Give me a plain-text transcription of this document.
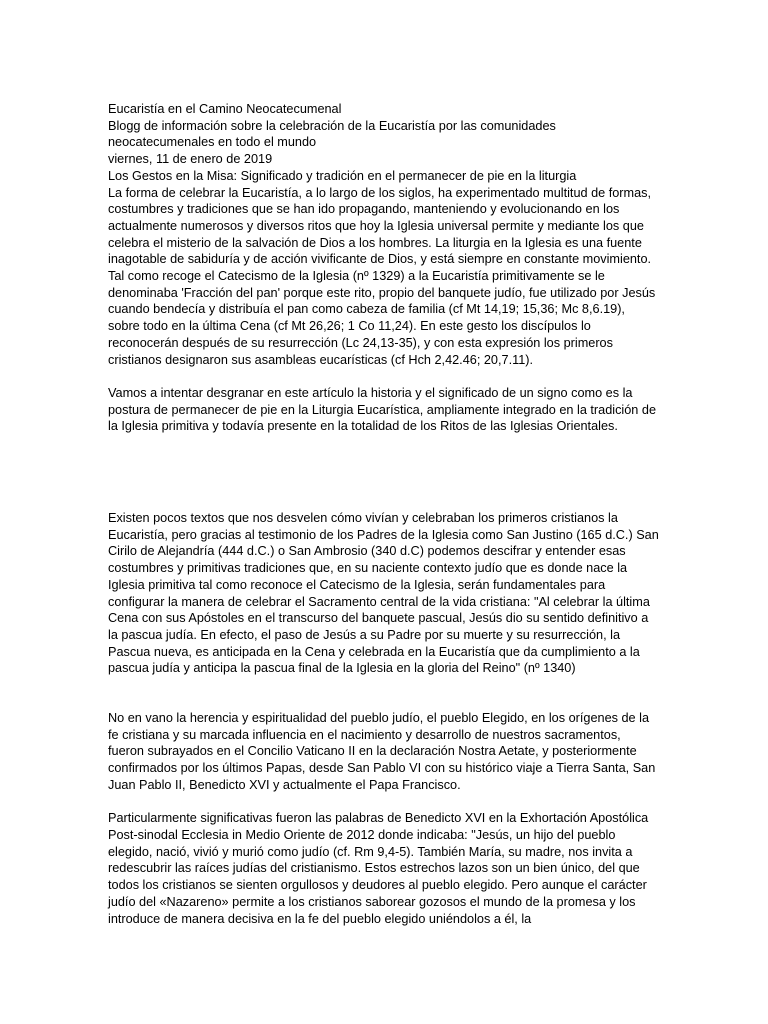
Eucaristía en el Camino Neocatecumenal

Blogg de información sobre la celebración de la Eucaristía por las comunidades neocatecumenales en todo el mundo

viernes, 11 de enero de 2019

Los Gestos en la Misa: Significado y tradición en el permanecer de pie en la liturgia

La forma de celebrar la Eucaristía, a lo largo de los siglos, ha experimentado multitud de formas, costumbres y tradiciones que se han ido propagando, manteniendo y evolucionando en los actualmente numerosos y diversos ritos que hoy la Iglesia universal permite y mediante los que celebra el misterio de la salvación de Dios a los hombres. La liturgia en la Iglesia es una fuente inagotable de sabiduría y de acción vivificante de Dios, y está siempre en constante movimiento. Tal como recoge el Catecismo de la Iglesia (nº 1329) a la Eucaristía primitivamente se le denominaba 'Fracción del pan' porque este rito, propio del banquete judío, fue utilizado por Jesús cuando bendecía y distribuía el pan como cabeza de familia (cf Mt 14,19; 15,36; Mc 8,6.19), sobre todo en la última Cena (cf Mt 26,26; 1 Co 11,24). En este gesto los discípulos lo reconocerán después de su resurrección (Lc 24,13-35), y con esta expresión los primeros cristianos designaron sus asambleas eucarísticas (cf Hch 2,42.46; 20,7.11).

Vamos a intentar desgranar en este artículo la historia y el significado de un signo como es la postura de permanecer de pie en la Liturgia Eucarística, ampliamente integrado en la tradición de la Iglesia primitiva y todavía presente en la totalidad de los Ritos de las Iglesias Orientales.

Existen pocos textos que nos desvelen cómo vivían y celebraban los primeros cristianos la Eucaristía, pero gracias al testimonio de los Padres de la Iglesia como San Justino (165 d.C.) San Cirilo de Alejandría (444 d.C.) o San Ambrosio (340 d.C) podemos descifrar y entender esas costumbres y primitivas tradiciones que, en su naciente contexto judío que es donde nace la Iglesia primitiva tal como reconoce el Catecismo de la Iglesia, serán fundamentales para configurar la manera de celebrar el Sacramento central de la vida cristiana: "Al celebrar la última Cena con sus Apóstoles en el transcurso del banquete pascual, Jesús dio su sentido definitivo a la pascua judía. En efecto, el paso de Jesús a su Padre por su muerte y su resurrección, la Pascua nueva, es anticipada en la Cena y celebrada en la Eucaristía que da cumplimiento a la pascua judía y anticipa la pascua final de la Iglesia en la gloria del Reino" (nº 1340)

No en vano la herencia y espiritualidad del pueblo judío, el pueblo Elegido, en los orígenes de la fe cristiana y su marcada influencia en el nacimiento y desarrollo de nuestros sacramentos, fueron subrayados en el Concilio Vaticano II en la declaración Nostra Aetate, y posteriormente confirmados por los últimos Papas, desde San Pablo VI con su histórico viaje a Tierra Santa, San Juan Pablo II, Benedicto XVI y actualmente el Papa Francisco.

Particularmente significativas fueron las palabras de Benedicto XVI en la Exhortación Apostólica Post-sinodal Ecclesia in Medio Oriente de 2012 donde indicaba: "Jesús, un hijo del pueblo elegido, nació, vivió y murió como judío (cf. Rm 9,4-5). También María, su madre, nos invita a redescubrir las raíces judías del cristianismo. Estos estrechos lazos son un bien único, del que todos los cristianos se sienten orgullosos y deudores al pueblo elegido. Pero aunque el carácter judío del «Nazareno» permite a los cristianos saborear gozosos el mundo de la promesa y los introduce de manera decisiva en la fe del pueblo elegido uniéndolos a él, la
